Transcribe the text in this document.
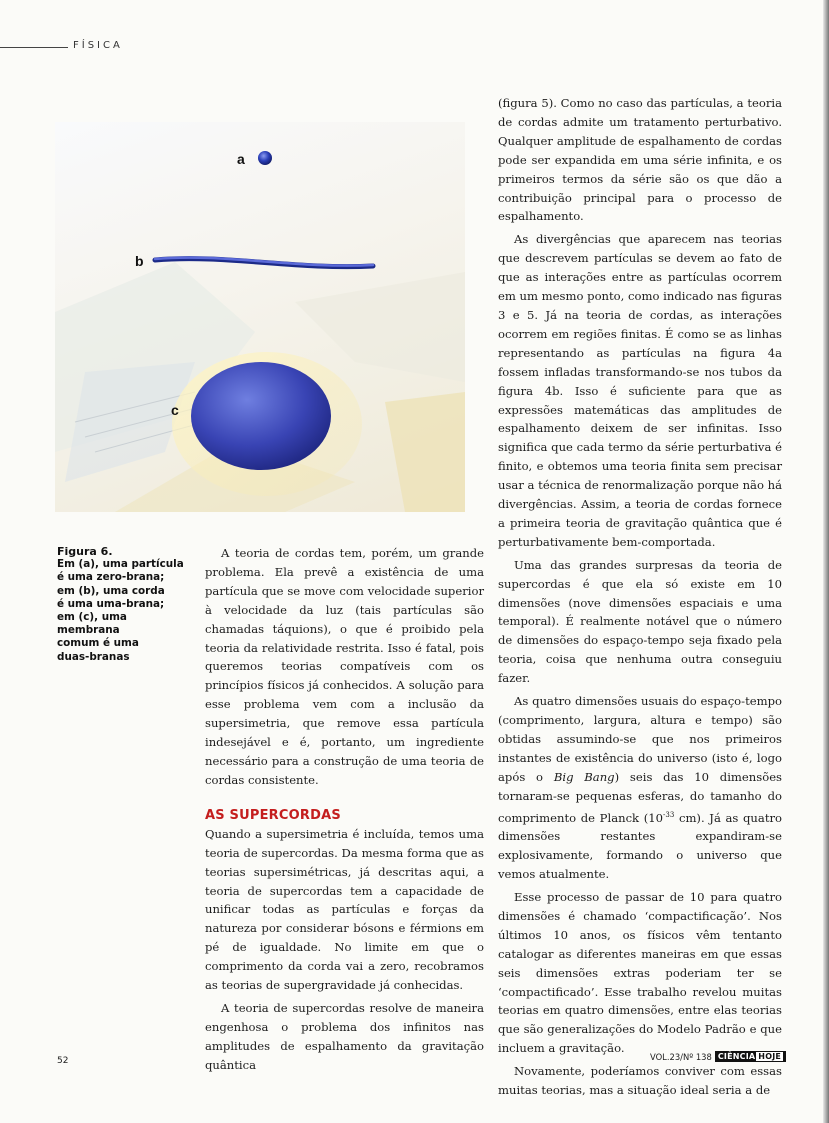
FÍSICA
a
b
c
Figura 6.
Em (a), uma partícula
é uma zero-brana;
em (b), uma corda
é uma uma-brana;
em (c), uma membrana
comum é uma
duas-branas

A teoria de cordas tem, porém, um grande problema. Ela prevê a existência de uma partícula que se move com velocidade superior à velocidade da luz (tais partículas são chamadas táquions), o que é proibido pela teoria da relatividade restrita. Isso é fatal, pois queremos teorias compatíveis com os princípios físicos já conhecidos. A solução para esse problema vem com a inclusão da supersimetria, que remove essa partícula indesejável e é, portanto, um ingrediente necessário para a construção de uma teoria de cordas consistente.

AS SUPERCORDAS

Quando a supersimetria é incluída, temos uma teoria de supercordas. Da mesma forma que as teorias supersimétricas, já descritas aqui, a teoria de supercordas tem a capacidade de unificar todas as partículas e forças da natureza por considerar bósons e férmions em pé de igualdade. No limite em que o comprimento da corda vai a zero, recobramos as teorias de supergravidade já conhecidas.

A teoria de supercordas resolve de maneira engenhosa o problema dos infinitos nas amplitudes de espalhamento da gravitação quântica

(figura 5). Como no caso das partículas, a teoria de cordas admite um tratamento perturbativo. Qualquer amplitude de espalhamento de cordas pode ser expandida em uma série infinita, e os primeiros termos da série são os que dão a contribuição principal para o processo de espalhamento.

As divergências que aparecem nas teorias que descrevem partículas se devem ao fato de que as interações entre as partículas ocorrem em um mesmo ponto, como indicado nas figuras 3 e 5. Já na teoria de cordas, as interações ocorrem em regiões finitas. É como se as linhas representando as partículas na figura 4a fossem infladas transformando-se nos tubos da figura 4b. Isso é suficiente para que as expressões matemáticas das amplitudes de espalhamento deixem de ser infinitas. Isso significa que cada termo da série perturbativa é finito, e obtemos uma teoria finita sem precisar usar a técnica de renormalização porque não há divergências. Assim, a teoria de cordas fornece a primeira teoria de gravitação quântica que é perturbativamente bem-comportada.

Uma das grandes surpresas da teoria de supercordas é que ela só existe em 10 dimensões (nove dimensões espaciais e uma temporal). É realmente notável que o número de dimensões do espaço-tempo seja fixado pela teoria, coisa que nenhuma outra conseguiu fazer.

As quatro dimensões usuais do espaço-tempo (comprimento, largura, altura e tempo) são obtidas assumindo-se que nos primeiros instantes de existência do universo (isto é, logo após o Big Bang) seis das 10 dimensões tornaram-se pequenas esferas, do tamanho do comprimento de Planck ($10^{-33}$ cm). Já as quatro dimensões restantes expandiram-se explosivamente, formando o universo que vemos atualmente.

Esse processo de passar de 10 para quatro dimensões é chamado ‘compactificação’. Nos últimos 10 anos, os físicos vêm tentanto catalogar as diferentes maneiras em que essas seis dimensões extras poderiam ter se ‘compactificado’. Esse trabalho revelou muitas teorias em quatro dimensões, entre elas teorias que são generalizações do Modelo Padrão e que incluem a gravitação.

Novamente, poderíamos conviver com essas muitas teorias, mas a situação ideal seria a de

52	VOL.23/Nº 138 CIÊNCIA HOJE
